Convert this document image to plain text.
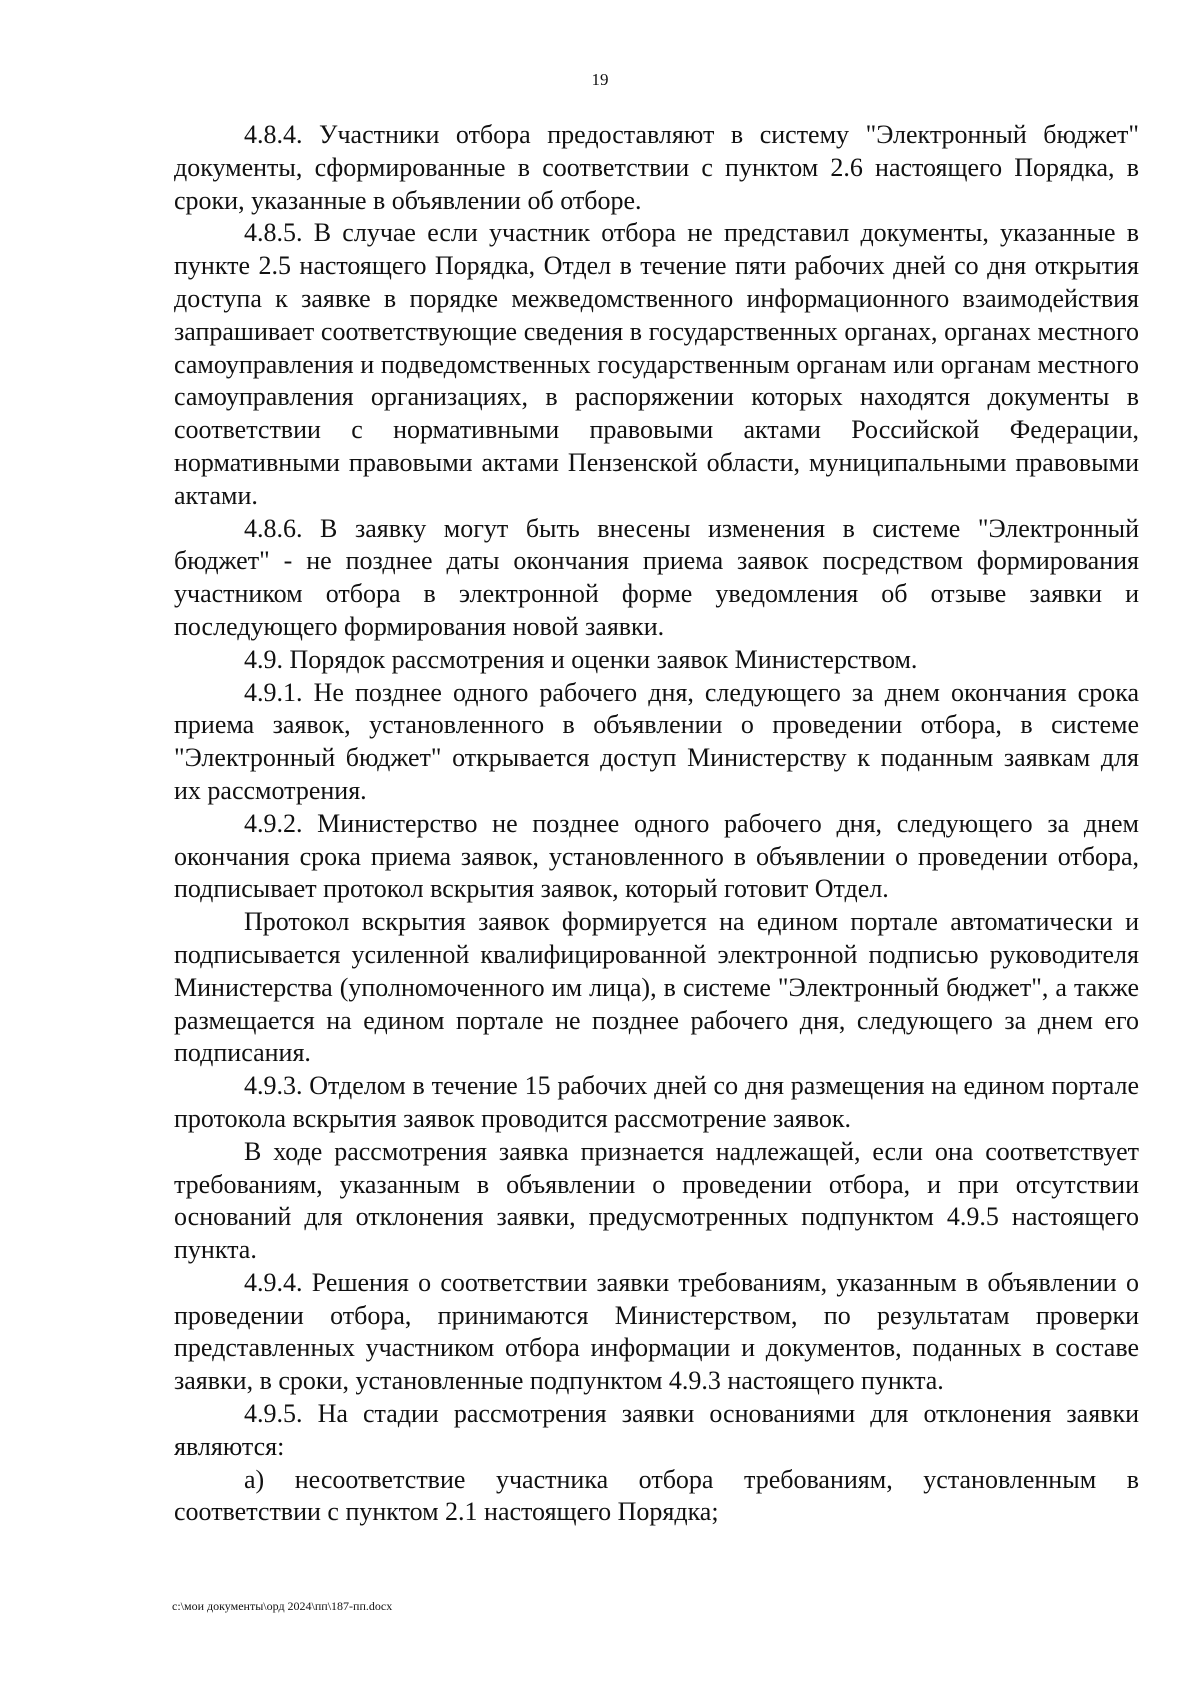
19

4.8.4. Участники отбора предоставляют в систему "Электронный бюджет" документы, сформированные в соответствии с пунктом 2.6 настоящего Порядка, в сроки, указанные в объявлении об отборе.

4.8.5. В случае если участник отбора не представил документы, указанные в пункте 2.5 настоящего Порядка, Отдел в течение пяти рабочих дней со дня открытия доступа к заявке в порядке межведомственного информационного взаимодействия запрашивает соответствующие сведения в государственных органах, органах местного самоуправления и подведомственных государственным органам или органам местного самоуправления организациях, в распоряжении которых находятся документы в соответствии с нормативными правовыми актами Российской Федерации, нормативными правовыми актами Пензенской области, муниципальными правовыми актами.

4.8.6. В заявку могут быть внесены изменения в системе "Электронный бюджет" - не позднее даты окончания приема заявок посредством формирования участником отбора в электронной форме уведомления об отзыве заявки и последующего формирования новой заявки.

4.9. Порядок рассмотрения и оценки заявок Министерством.

4.9.1. Не позднее одного рабочего дня, следующего за днем окончания срока приема заявок, установленного в объявлении о проведении отбора, в системе "Электронный бюджет" открывается доступ Министерству к поданным заявкам для их рассмотрения.

4.9.2. Министерство не позднее одного рабочего дня, следующего за днем окончания срока приема заявок, установленного в объявлении о проведении отбора, подписывает протокол вскрытия заявок, который готовит Отдел.

Протокол вскрытия заявок формируется на едином портале автоматически и подписывается усиленной квалифицированной электронной подписью руководителя Министерства (уполномоченного им лица), в системе "Электронный бюджет", а также размещается на едином портале не позднее рабочего дня, следующего за днем его подписания.

4.9.3. Отделом в течение 15 рабочих дней со дня размещения на едином портале протокола вскрытия заявок проводится рассмотрение заявок.

В ходе рассмотрения заявка признается надлежащей, если она соответствует требованиям, указанным в объявлении о проведении отбора, и при отсутствии оснований для отклонения заявки, предусмотренных подпунктом 4.9.5 настоящего пункта.

4.9.4. Решения о соответствии заявки требованиям, указанным в объявлении о проведении отбора, принимаются Министерством, по результатам проверки представленных участником отбора информации и документов, поданных в составе заявки, в сроки, установленные подпунктом 4.9.3 настоящего пункта.

4.9.5. На стадии рассмотрения заявки основаниями для отклонения заявки являются:

а) несоответствие участника отбора требованиям, установленным в соответствии с пунктом 2.1 настоящего Порядка;

c:\мои документы\орд 2024\пп\187-пп.docx
